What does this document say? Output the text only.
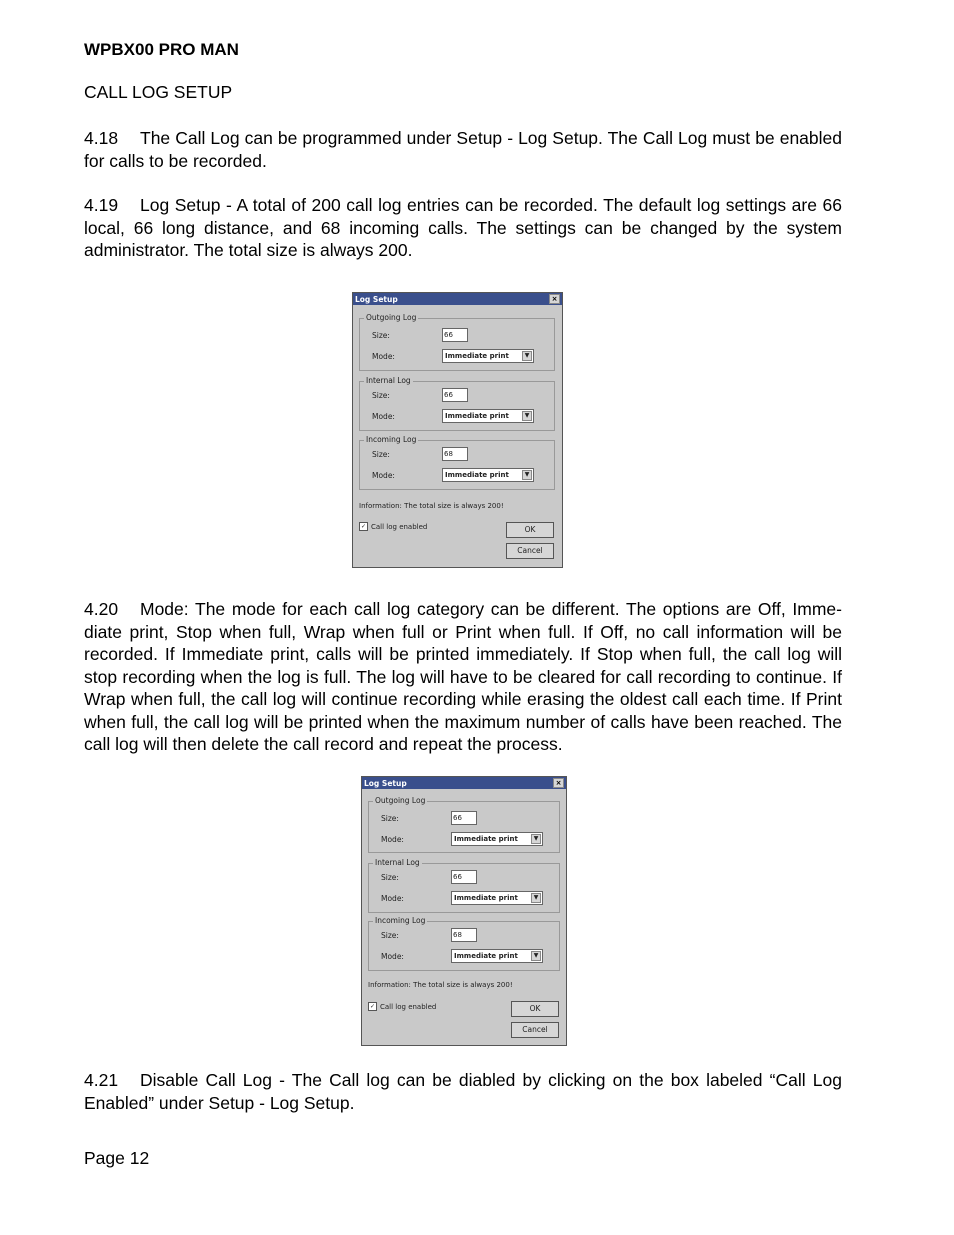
WPBX00 PRO MAN
CALL LOG SETUP
4.18 The Call Log can be programmed under Setup - Log Setup. The Call Log must be enabled for calls to be recorded.
4.19 Log Setup - A total of 200 call log entries can be recorded. The default log settings are 66 local, 66 long distance, and 68 incoming calls. The settings can be changed by the system administrator. The total size is always 200.
4.20 Mode: The mode for each call log category can be different. The options are Off, Imme-diate print, Stop when full, Wrap when full or Print when full. If Off, no call information will be recorded. If Immediate print, calls will be printed immediately. If Stop when full, the call log will stop recording when the log is full. The log will have to be cleared for call recording to continue. If Wrap when full, the call log will continue recording while erasing the oldest call each time. If Print when full, the call log will be printed when the maximum number of calls have been reached. The call log will then delete the call record and repeat the process.
4.21 Disable Call Log - The Call log can be diabled by clicking on the box labeled “Call Log Enabled” under Setup - Log Setup.
Page 12
Log Setup	×
Outgoing Log
Size:	66
Mode:	Immediate print	▼
Internal Log
Size:	66
Mode:	Immediate print	▼
Incoming Log
Size:	68
Mode:	Immediate print	▼
Information: The total size is always 200!
✓ Call log enabled	OK
Cancel
Log Setup	×
Outgoing Log
Size:	66
Mode:	Immediate print	▼
Internal Log
Size:	66
Mode:	Immediate print	▼
Incoming Log
Size:	68
Mode:	Immediate print	▼
Information: The total size is always 200!
✓ Call log enabled	OK
Cancel
